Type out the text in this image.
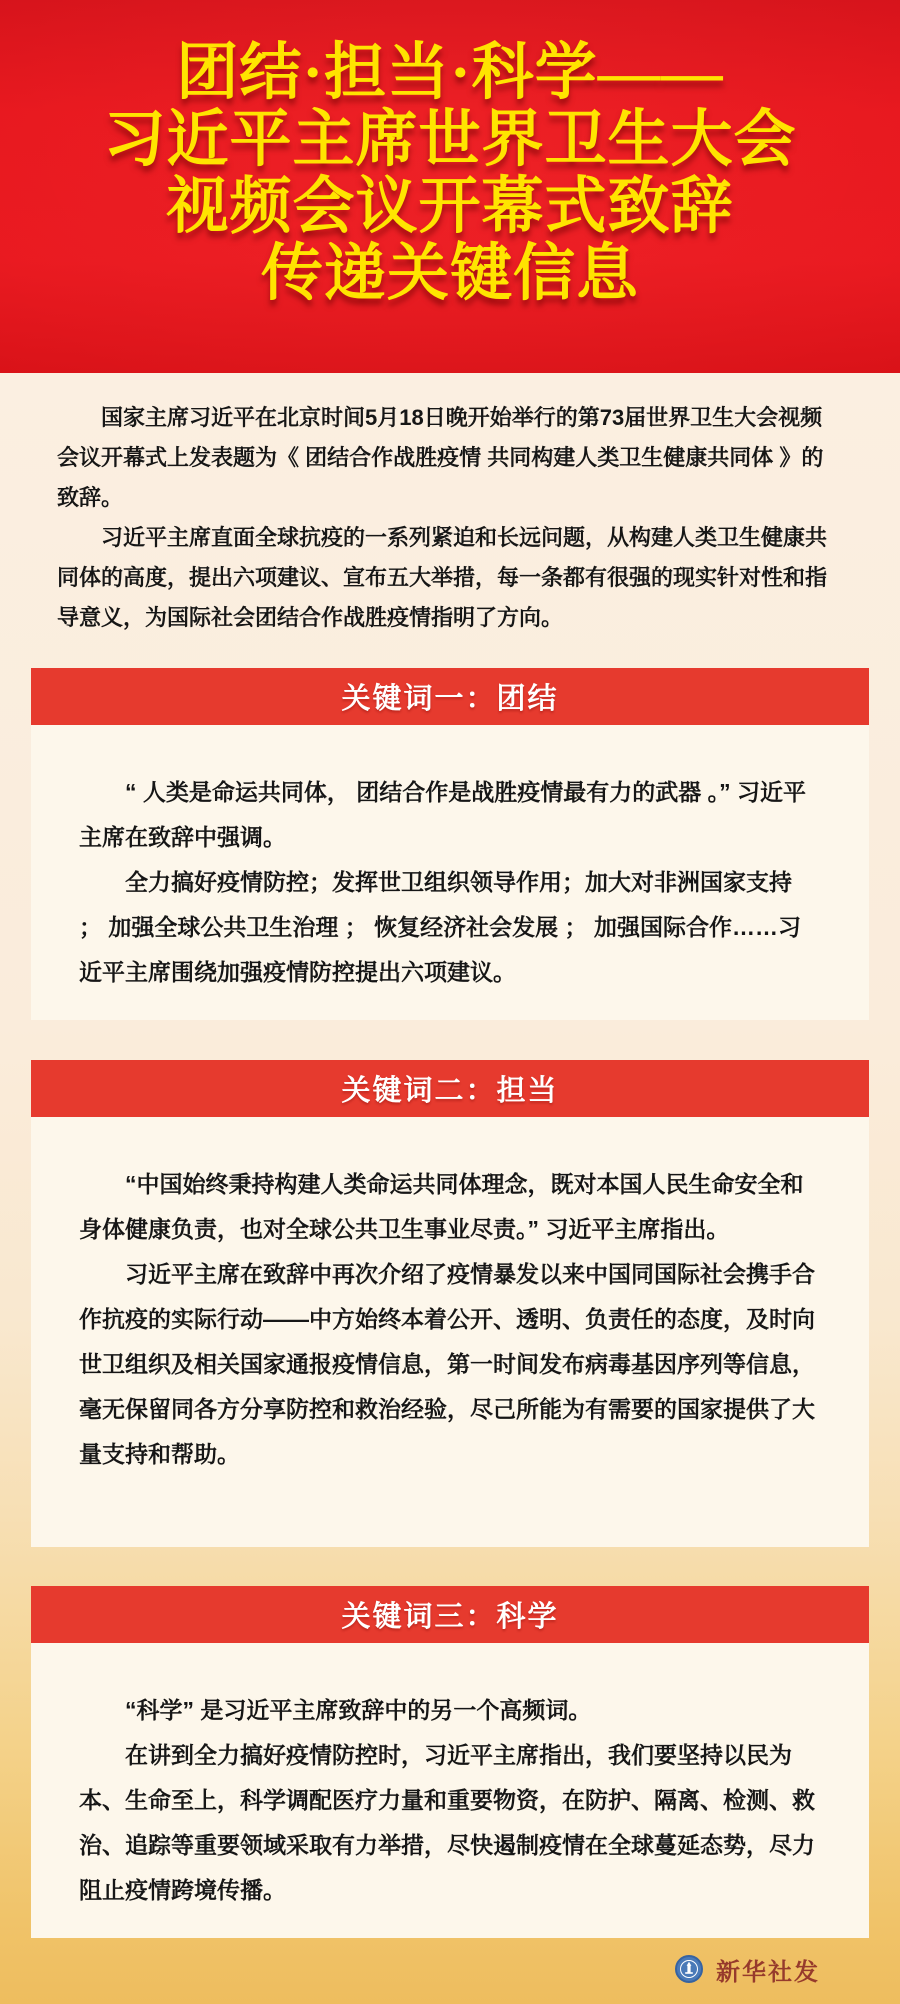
团结·担当·科学——
习近平主席世界卫生大会
视频会议开幕式致辞
传递关键信息

国家主席习近平在北京时间5月18日晚开始举行的第73届世界卫生大会视频会议开幕式上发表题为《 团结合作战胜疫情 共同构建人类卫生健康共同体 》的致辞。

习近平主席直面全球抗疫的一系列紧迫和长远问题，从构建人类卫生健康共同体的高度，提出六项建议、宣布五大举措，每一条都有很强的现实针对性和指导意义，为国际社会团结合作战胜疫情指明了方向。

关键词一：团结

“ 人类是命运共同体， 团结合作是战胜疫情最有力的武器 。” 习近平主席在致辞中强调。

全力搞好疫情防控；发挥世卫组织领导作用；加大对非洲国家支持 ； 加强全球公共卫生治理 ； 恢复经济社会发展 ； 加强国际合作……习近平主席围绕加强疫情防控提出六项建议。

关键词二：担当

“中国始终秉持构建人类命运共同体理念，既对本国人民生命安全和身体健康负责，也对全球公共卫生事业尽责。” 习近平主席指出。

习近平主席在致辞中再次介绍了疫情暴发以来中国同国际社会携手合作抗疫的实际行动——中方始终本着公开、透明、负责任的态度，及时向世卫组织及相关国家通报疫情信息，第一时间发布病毒基因序列等信息，毫无保留同各方分享防控和救治经验，尽己所能为有需要的国家提供了大量支持和帮助。

关键词三：科学

“科学” 是习近平主席致辞中的另一个高频词。

在讲到全力搞好疫情防控时，习近平主席指出，我们要坚持以民为本、生命至上，科学调配医疗力量和重要物资，在防护、隔离、检测、救治、追踪等重要领域采取有力举措，尽快遏制疫情在全球蔓延态势，尽力阻止疫情跨境传播。

新华社发
